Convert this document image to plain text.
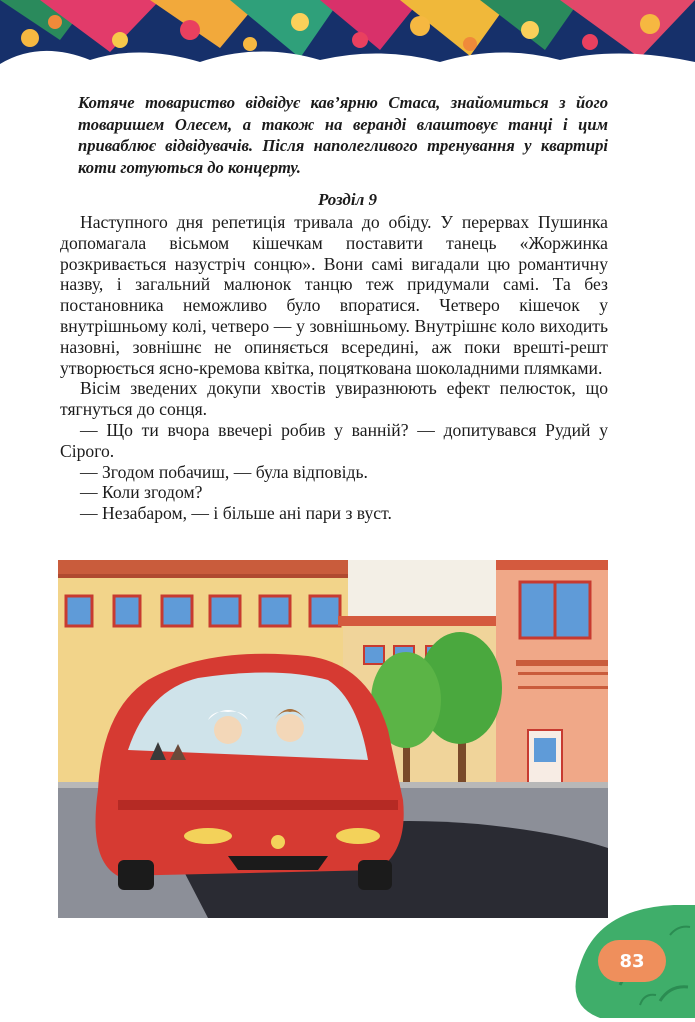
Котяче товариство відвідує кав’ярню Стаса, знайомиться з його товаришем Олесем, а також на веранді влаштовує танці і цим приваблює відвідувачів. Після наполегливого тренування у квартирі коти готуються до концерту.

Розділ 9

Наступного дня репетиція тривала до обіду. У перервах Пушинка допомагала вісьмом кішечкам поставити танець «Жоржинка розкривається назустріч сонцю». Вони самі вигадали цю романтичну назву, і загальний малюнок танцю теж придумали самі. Та без постановника неможливо було впоратися. Четверо кішечок у внутрішньому колі, четверо — у зовнішньому. Внутрішнє коло виходить назовні, зовнішнє не опиняється всередині, аж поки врешті-решт утворюється ясно-кремова квітка, поцяткована шоколадними плямками.

Вісім зведених докупи хвостів увиразнюють ефект пелюсток, що тягнуться до сонця.

— Що ти вчора ввечері робив у ванній? — допитувався Рудий у Сірого.

— Згодом побачиш, — була відповідь.

— Коли згодом?

— Незабаром, — і більше ані пари з вуст.

83
